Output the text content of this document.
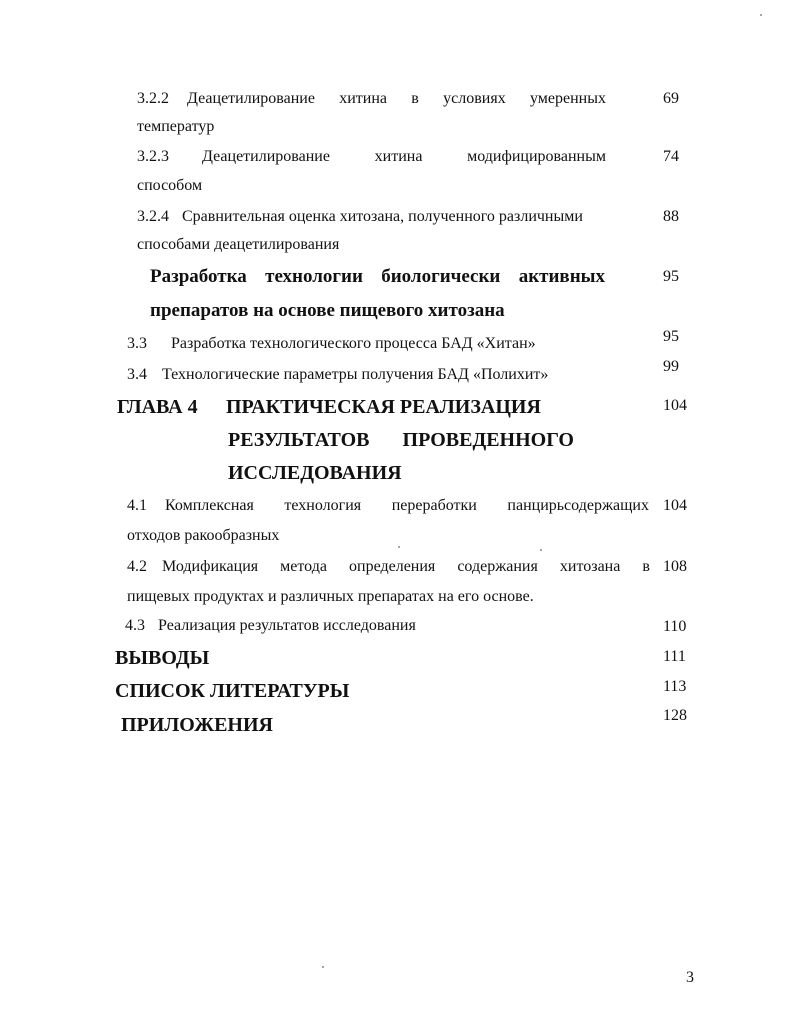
3.2.2 Деацетилирование хитина в условиях умеренных
температур
69
3.2.3 Деацетилирование	хитина	модифицированным
способом
74
3.2.4 Сравнительная оценка хитозана, полученного различными
способами деацетилирования
88
Разработка технологии биологически активных
препаратов на основе пищевого хитозана
95
3.3 Разработка технологического процесса БАД «Хитан»	95
3.4 Технологические параметры получения БАД «Полихит»	99
ГЛАВА 4 ПРАКТИЧЕСКАЯ РЕАЛИЗАЦИЯ
РЕЗУЛЬТАТОВ ПРОВЕДЕННОГО
ИССЛЕДОВАНИЯ
104
4.1 Комплексная технология переработки панцирьсодержащих
отходов ракообразных
104
4.2 Модификация метода определения содержания хитозана в
пищевых продуктах и различных препаратах на его основе.
108
4.3 Реализация результатов исследования	110
ВЫВОДЫ	111
СПИСОК ЛИТЕРАТУРЫ	113
ПРИЛОЖЕНИЯ	128
3
